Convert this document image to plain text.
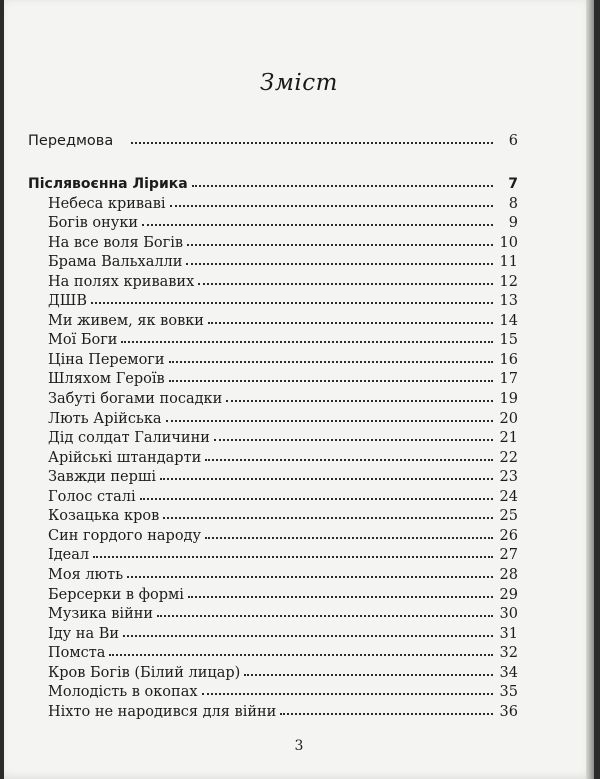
Зміст
Передмова	6
Післявоєнна Лірика	7
Небеса криваві	8
Богів онуки	9
На все воля Богів	10
Брама Вальхалли	11
На полях кривавих	12
ДШВ	13
Ми живем, як вовки	14
Мої Боги	15
Ціна Перемоги	16
Шляхом Героїв	17
Забуті богами посадки	19
Лють Арійська	20
Дід солдат Галичини	21
Арійські штандарти	22
Завжди перші	23
Голос сталі	24
Козацька кров	25
Син гордого народу	26
Ідеал	27
Моя лють	28
Берсерки в формі	29
Музика війни	30
Іду на Ви	31
Помста	32
Кров Богів (Білий лицар)	34
Молодість в окопах	35
Ніхто не народився для війни	36
3
